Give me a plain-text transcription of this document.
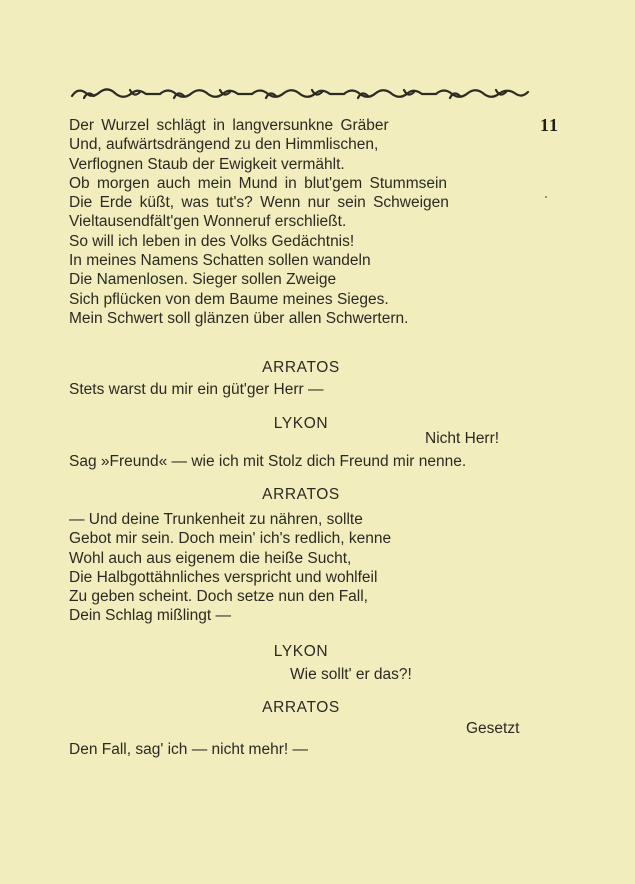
11
Der Wurzel schlägt in langversunkne Gräber
Und, aufwärtsdrängend zu den Himmlischen,
Verflognen Staub der Ewigkeit vermählt.
Ob morgen auch mein Mund in blut'gem Stummsein
Die Erde küßt, was tut's? Wenn nur sein Schweigen
Vieltausendfält'gen Wonneruf erschließt.
So will ich leben in des Volks Gedächtnis!
In meines Namens Schatten sollen wandeln
Die Namenlosen. Sieger sollen Zweige
Sich pflücken von dem Baume meines Sieges.
Mein Schwert soll glänzen über allen Schwertern.
ARRATOS
Stets warst du mir ein güt'ger Herr —
LYKON
Nicht Herr!
Sag »Freund« — wie ich mit Stolz dich Freund mir nenne.
ARRATOS
— Und deine Trunkenheit zu nähren, sollte
Gebot mir sein. Doch mein' ich's redlich, kenne
Wohl auch aus eigenem die heiße Sucht,
Die Halbgottähnliches verspricht und wohlfeil
Zu geben scheint. Doch setze nun den Fall,
Dein Schlag mißlingt —
LYKON
Wie sollt' er das?!
ARRATOS
Gesetzt
Den Fall, sag' ich — nicht mehr! —
